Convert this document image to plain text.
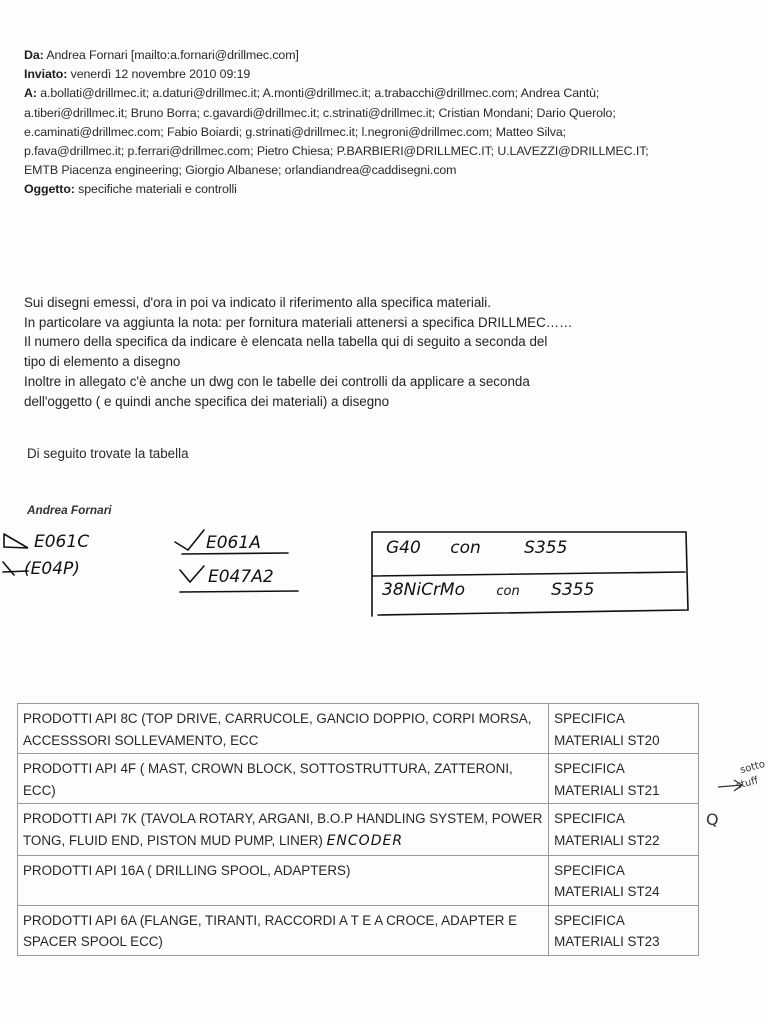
Da: Andrea Fornari [mailto:a.fornari@drillmec.com]
Inviato: venerdì 12 novembre 2010 09:19
A: a.bollati@drillmec.it; a.daturi@drillmec.it; A.monti@drillmec.it; a.trabacchi@drillmec.com; Andrea Cantù;
a.tiberi@drillmec.it; Bruno Borra; c.gavardi@drillmec.it; c.strinati@drillmec.it; Cristian Mondani; Dario Querolo;
e.caminati@drillmec.com; Fabio Boiardi; g.strinati@drillmec.it; l.negroni@drillmec.com; Matteo Silva;
p.fava@drillmec.it; p.ferrari@drillmec.com; Pietro Chiesa; P.BARBIERI@DRILLMEC.IT; U.LAVEZZI@DRILLMEC.IT;
EMTB Piacenza engineering; Giorgio Albanese; orlandiandrea@caddisegni.com
Oggetto: specifiche materiali e controlli
Sui disegni emessi, d'ora in poi va indicato il riferimento alla specifica materiali.
In particolare va aggiunta la nota: per fornitura materiali attenersi a specifica DRILLMEC……
Il numero della specifica da indicare è elencata nella tabella qui di seguito a seconda del
tipo di elemento a disegno
Inoltre in allegato c'è anche un dwg con le tabelle dei controlli da applicare a seconda
dell'oggetto ( e quindi anche specifica dei materiali) a disegno
Di seguito trovate la tabella
Andrea Fornari
E061C
(E04P)
E061A
E047A2
G40 con	S355
38NiCrMo con S355
PRODOTTI API 8C (TOP DRIVE, CARRUCOLE, GANCIO DOPPIO, CORPI MORSA, ACCESSSORI SOLLEVAMENTO, ECC	SPECIFICA
MATERIALI ST20

PRODOTTI API 4F ( MAST, CROWN BLOCK, SOTTOSTRUTTURA, ZATTERONI, ECC)	SPECIFICA
MATERIALI ST21

PRODOTTI API 7K (TAVOLA ROTARY, ARGANI, B.O.P HANDLING SYSTEM, POWER TONG, FLUID END, PISTON MUD PUMP, LINER) ENCODER	SPECIFICA
MATERIALI ST22

PRODOTTI API 16A ( DRILLING SPOOL, ADAPTERS)	SPECIFICA
MATERIALI ST24

PRODOTTI API 6A (FLANGE, TIRANTI, RACCORDI A T E A CROCE, ADAPTER E SPACER SPOOL ECC)	SPECIFICA
MATERIALI ST23
sotto
stuff
Q
